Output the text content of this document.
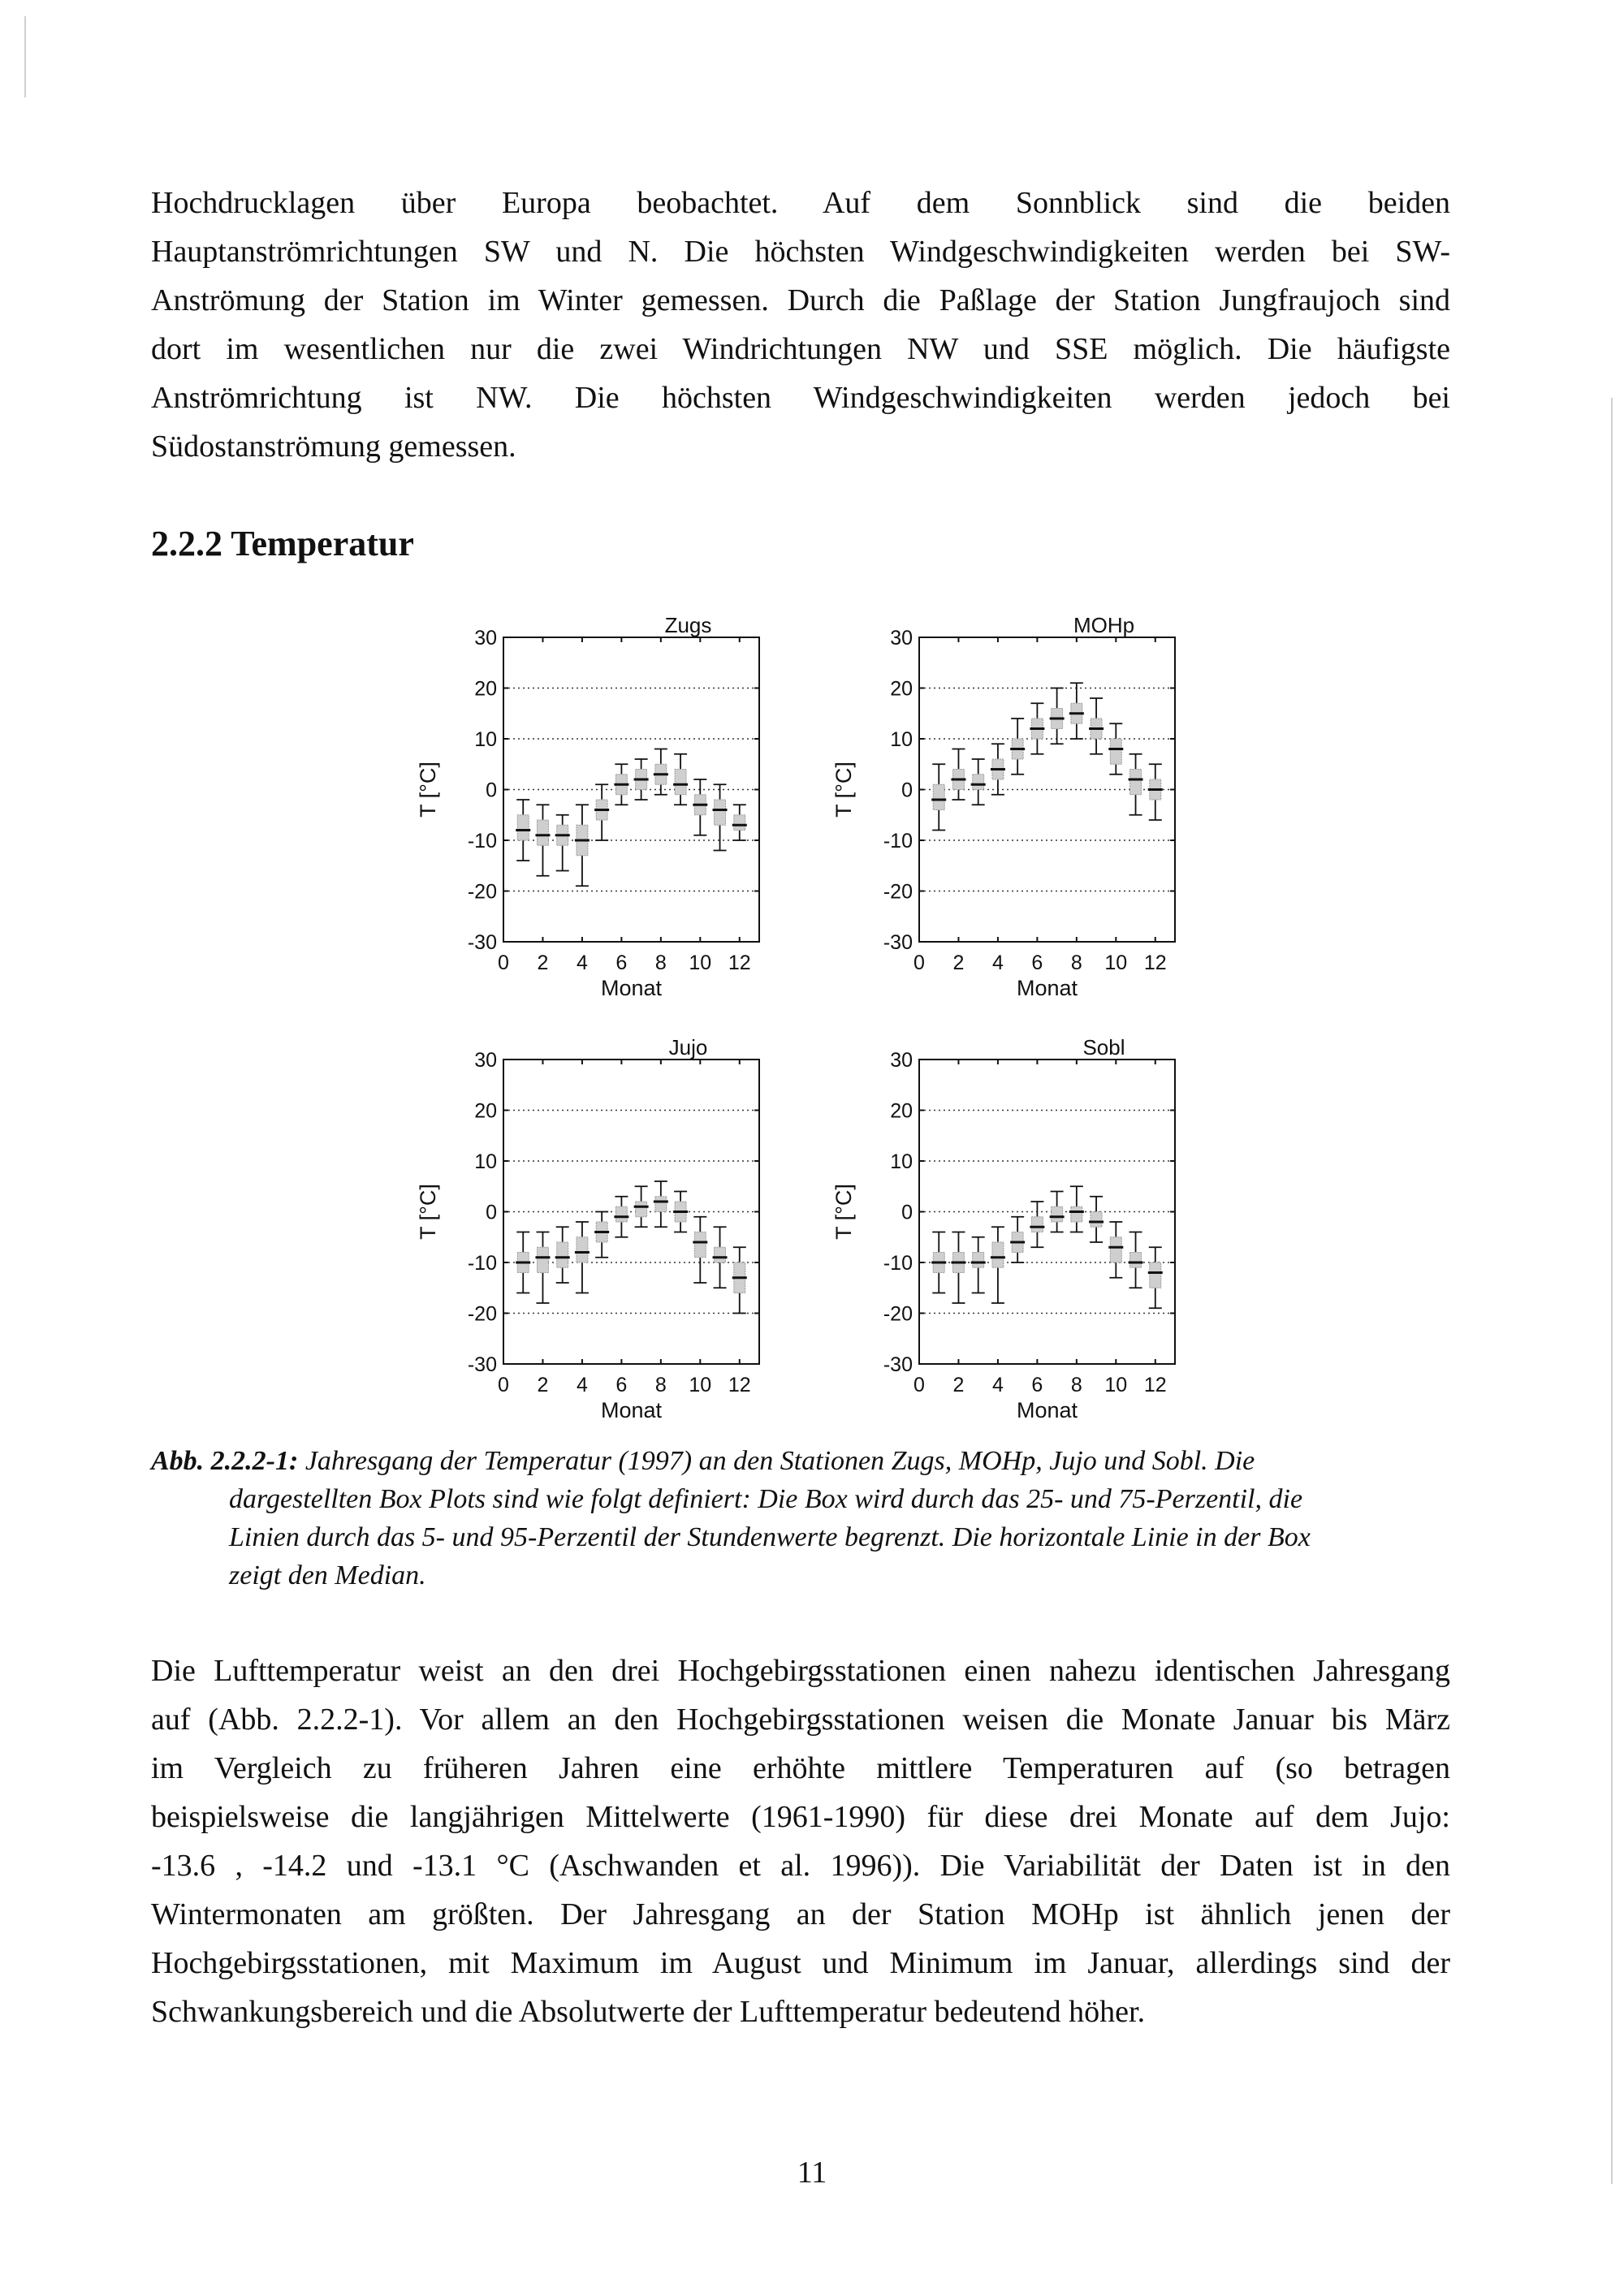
Hochdrucklagen über Europa beobachtet. Auf dem Sonnblick sind die beiden
Hauptanströmrichtungen SW und N. Die höchsten Windgeschwindigkeiten werden bei SW-
Anströmung der Station im Winter gemessen. Durch die Paßlage der Station Jungfraujoch sind
dort im wesentlichen nur die zwei Windrichtungen NW und SSE möglich. Die häufigste
Anströmrichtung ist NW. Die höchsten Windgeschwindigkeiten werden jedoch bei
Südostanströmung gemessen.
2.2.2 Temperatur
30
20
10
0
-10
-20
-30
0 2 4 6 8 10 12
Zugs
Monat
T [°C]
30
20
10
0
-10
-20
-30
0 2 4 6 8 10 12
MOHp
Monat
T [°C]
30
20
10
0
-10
-20
-30
0 2 4 6 8 10 12
Jujo
Monat
T [°C]
30
20
10
0
-10
-20
-30
0 2 4 6 8 10 12
Sobl
Monat
T [°C]
Abb. 2.2.2-1: Jahresgang der Temperatur (1997) an den Stationen Zugs, MOHp, Jujo und Sobl. Die
dargestellten Box Plots sind wie folgt definiert: Die Box wird durch das 25- und 75-Perzentil, die
Linien durch das 5- und 95-Perzentil der Stundenwerte begrenzt. Die horizontale Linie in der Box
zeigt den Median.
Die Lufttemperatur weist an den drei Hochgebirgsstationen einen nahezu identischen Jahresgang
auf (Abb. 2.2.2-1). Vor allem an den Hochgebirgsstationen weisen die Monate Januar bis März
im Vergleich zu früheren Jahren eine erhöhte mittlere Temperaturen auf (so betragen
beispielsweise die langjährigen Mittelwerte (1961-1990) für diese drei Monate auf dem Jujo:
-13.6 , -14.2 und -13.1 °C (Aschwanden et al. 1996)). Die Variabilität der Daten ist in den
Wintermonaten am größten. Der Jahresgang an der Station MOHp ist ähnlich jenen der
Hochgebirgsstationen, mit Maximum im August und Minimum im Januar, allerdings sind der
Schwankungsbereich und die Absolutwerte der Lufttemperatur bedeutend höher.
11
